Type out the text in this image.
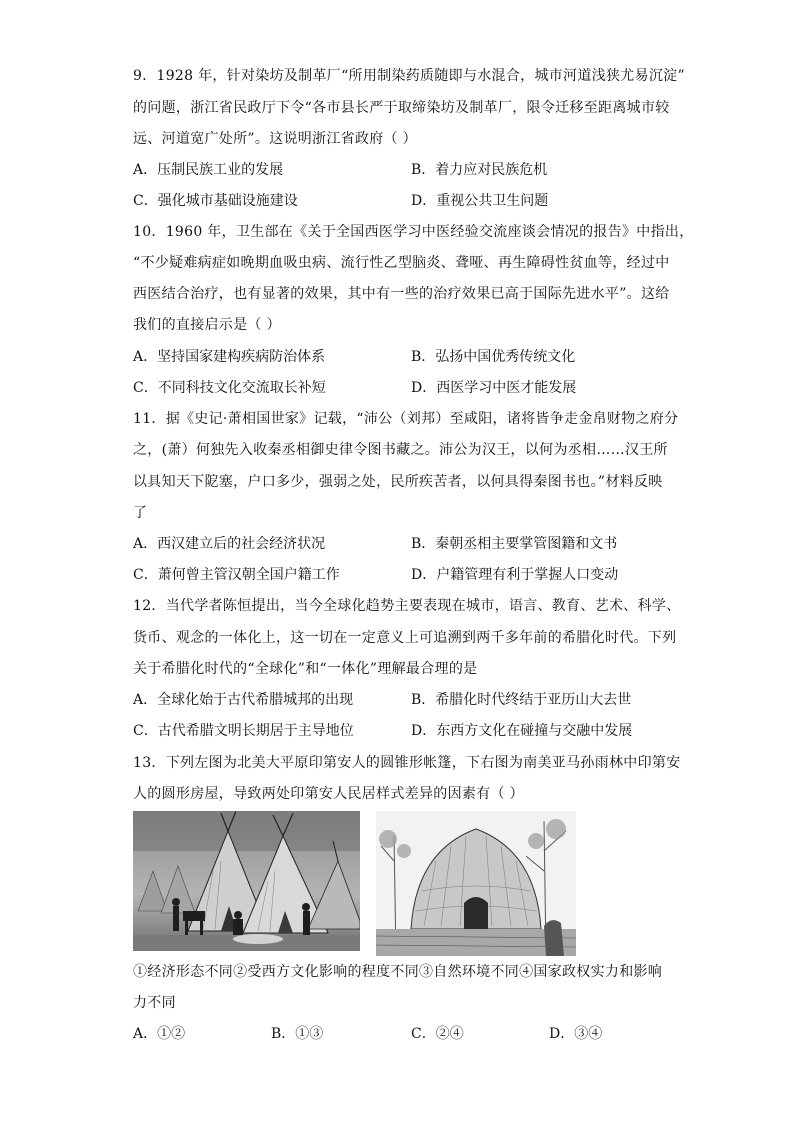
9．1928 年，针对染坊及制革厂“所用制染药质随即与水混合，城市河道浅狭尤易沉淀”
的问题，浙江省民政厅下令“各市县长严于取缔染坊及制革厂，限令迁移至距离城市较
远、河道宽广处所”。这说明浙江省政府（ ）
A．压制民族工业的发展	B．着力应对民族危机
C．强化城市基础设施建设	D．重视公共卫生问题
10．1960 年，卫生部在《关于全国西医学习中医经验交流座谈会情况的报告》中指出，
“不少疑难病症如晚期血吸虫病、流行性乙型脑炎、聋哑、再生障碍性贫血等，经过中
西医结合治疗，也有显著的效果，其中有一些的治疗效果已高于国际先进水平”。这给
我们的直接启示是（ ）
A．坚持国家建构疾病防治体系	B．弘扬中国优秀传统文化
C．不同科技文化交流取长补短	D．西医学习中医才能发展
11．据《史记·萧相国世家》记载，“沛公（刘邦）至咸阳，诸将皆争走金帛财物之府分
之，(萧）何独先入收秦丞相御史律令图书藏之。沛公为汉王，以何为丞相……汉王所
以具知天下阸塞，户口多少，强弱之处，民所疾苦者，以何具得秦图书也。”材料反映
了
A．西汉建立后的社会经济状况	B．秦朝丞相主要掌管图籍和文书
C．萧何曾主管汉朝全国户籍工作	D．户籍管理有利于掌握人口变动
12．当代学者陈恒提出，当今全球化趋势主要表现在城市，语言、教育、艺术、科学、
货币、观念的一体化上，这一切在一定意义上可追溯到两千多年前的希腊化时代。下列
关于希腊化时代的“全球化”和“一体化”理解最合理的是
A．全球化始于古代希腊城邦的出现	B．希腊化时代终结于亚历山大去世
C．古代希腊文明长期居于主导地位	D．东西方文化在碰撞与交融中发展
13．下列左图为北美大平原印第安人的圆锥形帐篷，下右图为南美亚马孙雨林中印第安
人的圆形房屋，导致两处印第安人民居样式差异的因素有（ ）
①经济形态不同②受西方文化影响的程度不同③自然环境不同④国家政权实力和影响
力不同
A．①②	B．①③	C．②④	D．③④
